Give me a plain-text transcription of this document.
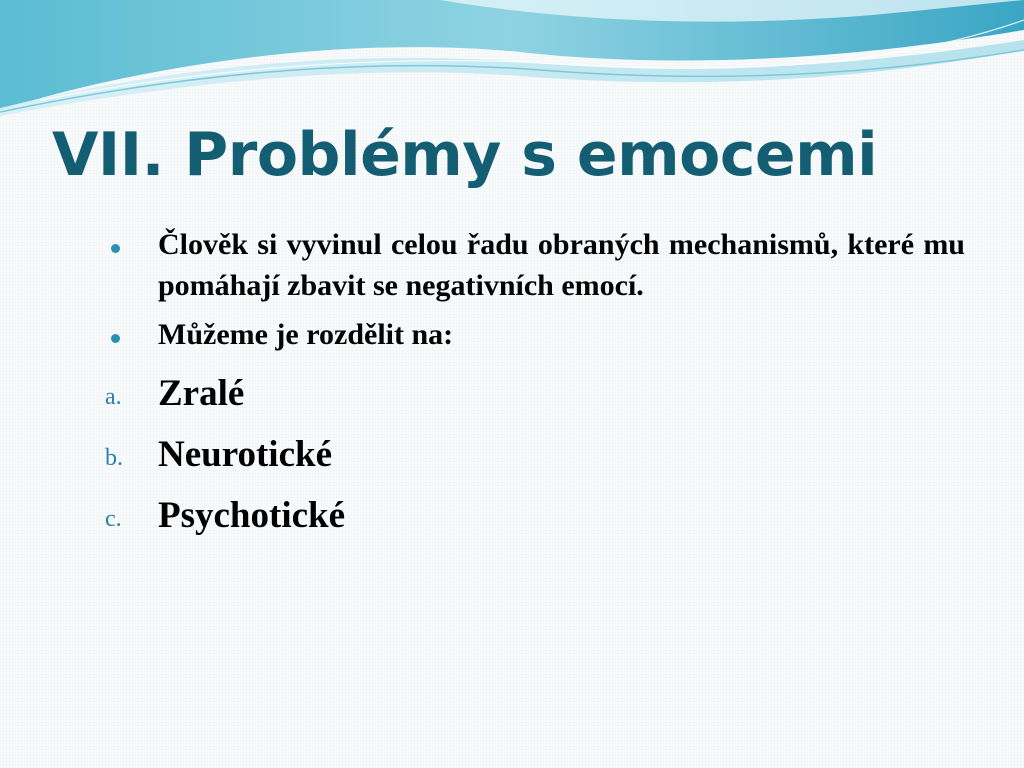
VII. Problémy s emocemi
Člověk si vyvinul celou řadu obraných mechanismů, které mu pomáhají zbavit se negativních emocí.
Můžeme je rozdělit na:
a. Zralé
b. Neurotické
c. Psychotické
